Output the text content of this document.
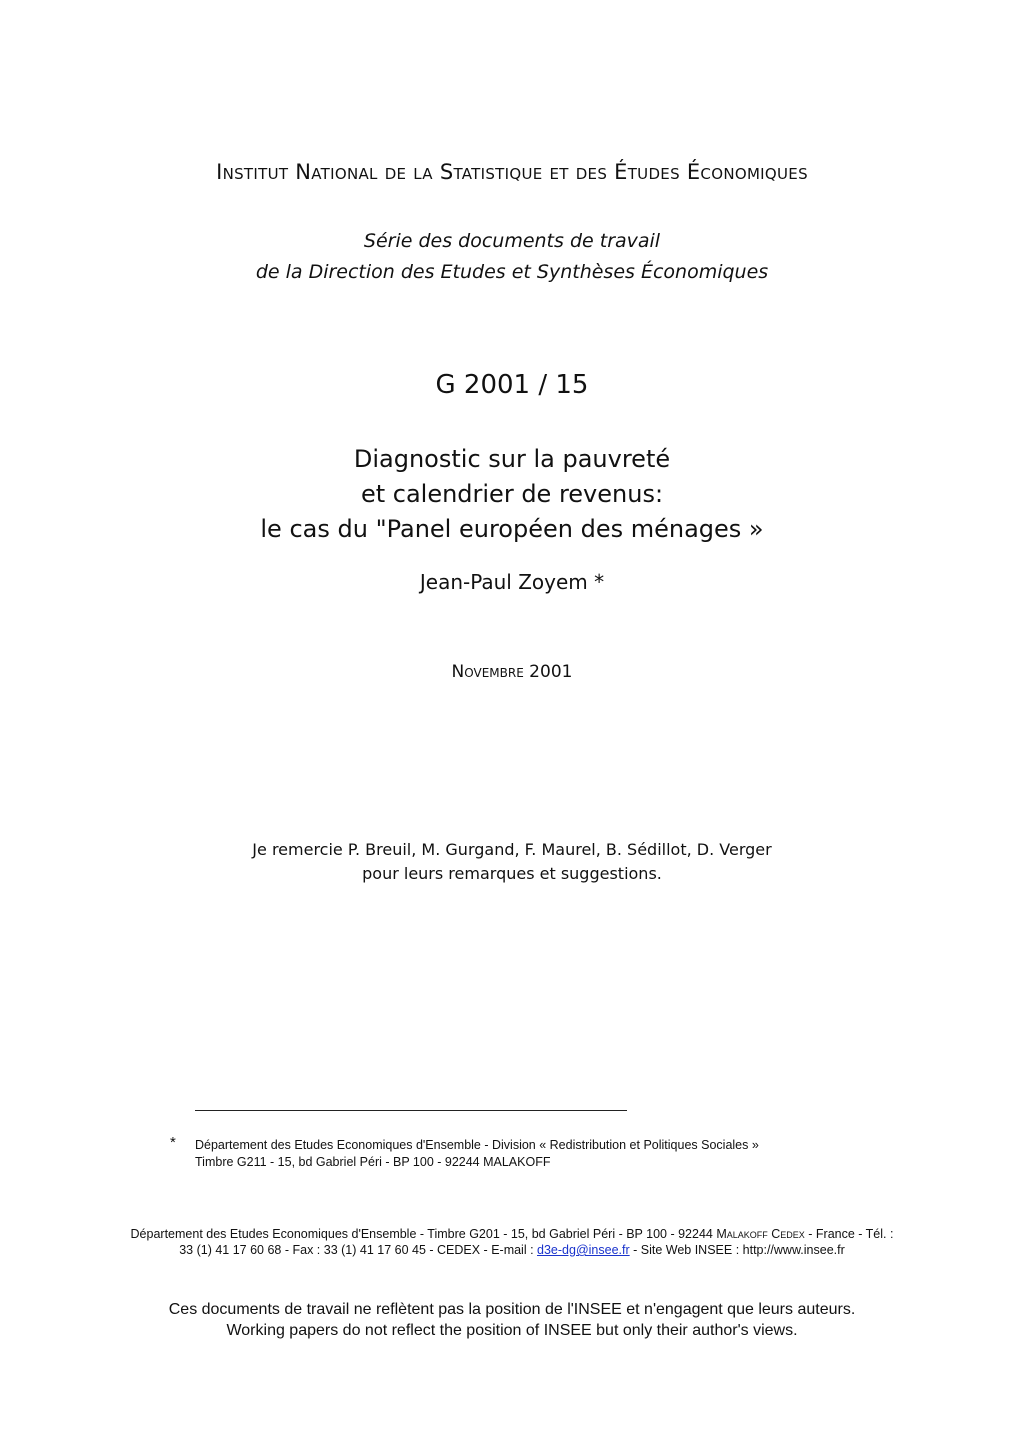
Institut National de la Statistique et des Études Économiques
Série des documents de travail
de la Direction des Etudes et Synthèses Économiques
G 2001 / 15
Diagnostic sur la pauvreté
et calendrier de revenus:
le cas du "Panel européen des ménages »
Jean-Paul Zoyem *
Novembre 2001
Je remercie P. Breuil, M. Gurgand, F. Maurel, B. Sédillot, D. Verger
pour leurs remarques et suggestions.
* Département des Etudes Economiques d'Ensemble - Division « Redistribution et Politiques Sociales »
Timbre G211 - 15, bd Gabriel Péri - BP 100 - 92244 MALAKOFF
Département des Etudes Economiques d'Ensemble - Timbre G201 - 15, bd Gabriel Péri - BP 100 - 92244 Malakoff Cedex - France - Tél. :
33 (1) 41 17 60 68 - Fax : 33 (1) 41 17 60 45 - CEDEX - E-mail : d3e-dg@insee.fr - Site Web INSEE : http://www.insee.fr
Ces documents de travail ne reflètent pas la position de l'INSEE et n'engagent que leurs auteurs.
Working papers do not reflect the position of INSEE but only their author's views.
